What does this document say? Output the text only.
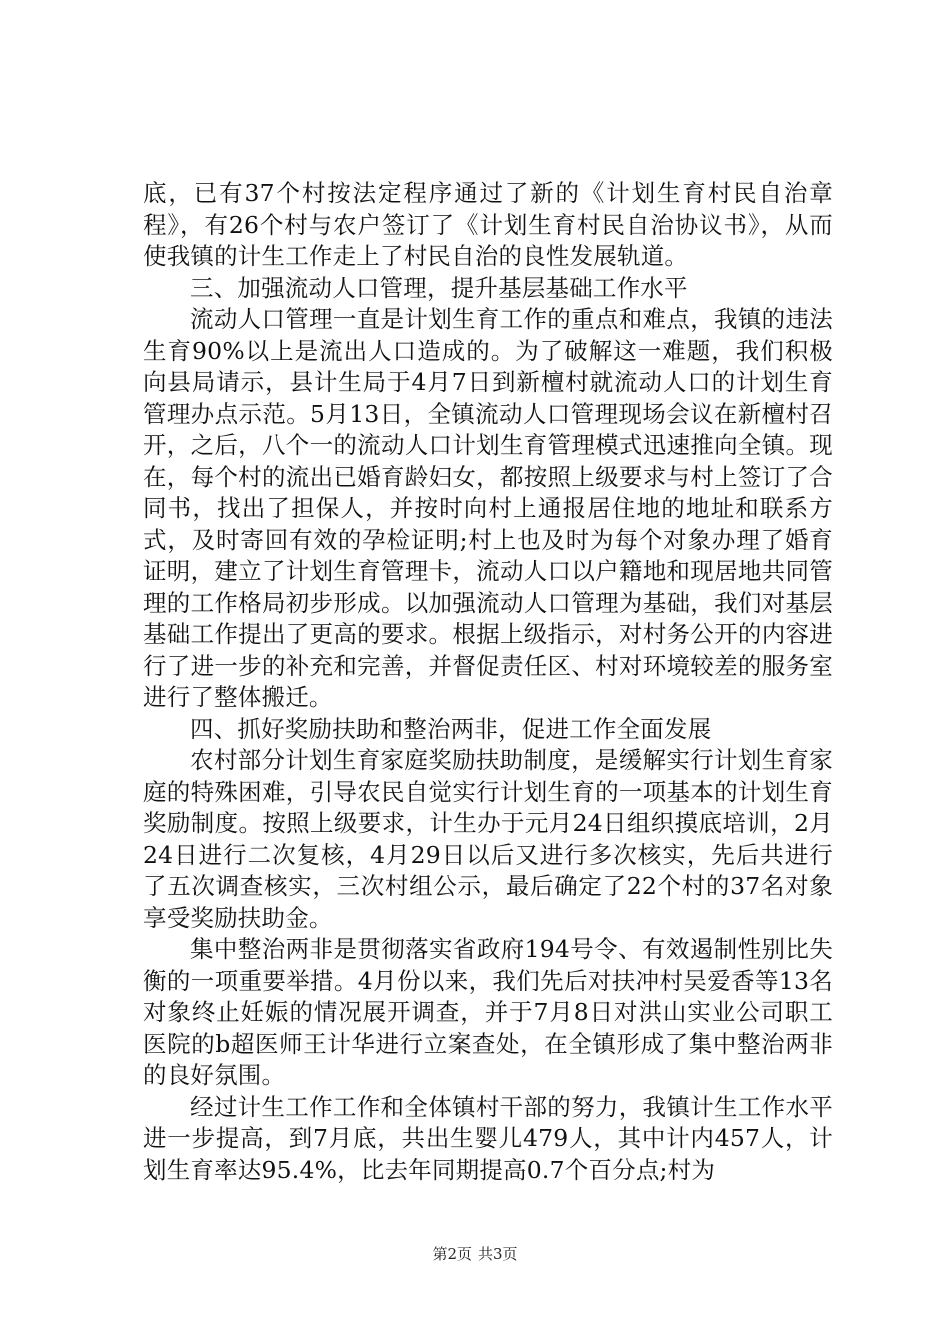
底，已有37个村按法定程序通过了新的《计划生育村民自治章程》，有26个村与农户签订了《计划生育村民自治协议书》，从而使我镇的计生工作走上了村民自治的良性发展轨道。

三、加强流动人口管理，提升基层基础工作水平

流动人口管理一直是计划生育工作的重点和难点，我镇的违法生育90%以上是流出人口造成的。为了破解这一难题，我们积极向县局请示，县计生局于4月7日到新檀村就流动人口的计划生育管理办点示范。5月13日，全镇流动人口管理现场会议在新檀村召开，之后，八个一的流动人口计划生育管理模式迅速推向全镇。现在，每个村的流出已婚育龄妇女，都按照上级要求与村上签订了合同书，找出了担保人，并按时向村上通报居住地的地址和联系方式，及时寄回有效的孕检证明;村上也及时为每个对象办理了婚育证明，建立了计划生育管理卡，流动人口以户籍地和现居地共同管理的工作格局初步形成。以加强流动人口管理为基础，我们对基层基础工作提出了更高的要求。根据上级指示，对村务公开的内容进行了进一步的补充和完善，并督促责任区、村对环境较差的服务室进行了整体搬迁。

四、抓好奖励扶助和整治两非，促进工作全面发展

农村部分计划生育家庭奖励扶助制度，是缓解实行计划生育家庭的特殊困难，引导农民自觉实行计划生育的一项基本的计划生育奖励制度。按照上级要求，计生办于元月24日组织摸底培训，2月24日进行二次复核，4月29日以后又进行多次核实，先后共进行了五次调查核实，三次村组公示，最后确定了22个村的37名对象享受奖励扶助金。

集中整治两非是贯彻落实省政府194号令、有效遏制性别比失衡的一项重要举措。4月份以来，我们先后对扶冲村吴爱香等13名对象终止妊娠的情况展开调查，并于7月8日对洪山实业公司职工医院的b超医师王计华进行立案查处，在全镇形成了集中整治两非的良好氛围。

经过计生工作工作和全体镇村干部的努力，我镇计生工作水平进一步提高，到7月底，共出生婴儿479人，其中计内457人，计划生育率达95.4%，比去年同期提高0.7个百分点;村为

第2页 共3页
